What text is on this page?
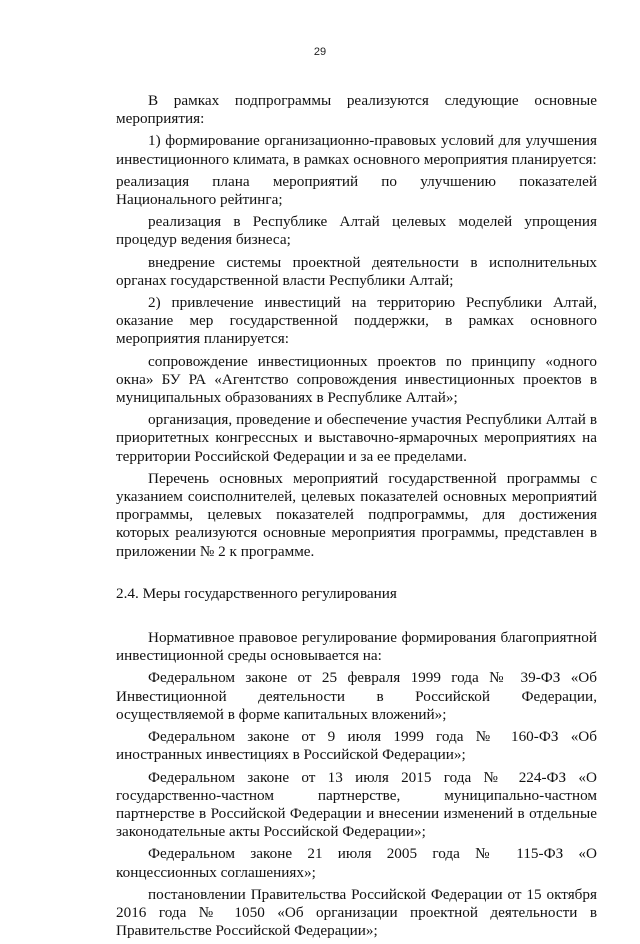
29

В рамках подпрограммы реализуются следующие основные мероприятия:

1) формирование организационно-правовых условий для улучшения инвестиционного климата, в рамках основного мероприятия планируется:

реализация плана мероприятий по улучшению показателей Национального рейтинга;

реализация в Республике Алтай целевых моделей упрощения процедур ведения бизнеса;

внедрение системы проектной деятельности в исполнительных органах государственной власти Республики Алтай;

2) привлечение инвестиций на территорию Республики Алтай, оказание мер государственной поддержки, в рамках основного мероприятия планируется:

сопровождение инвестиционных проектов по принципу «одного окна» БУ РА «Агентство сопровождения инвестиционных проектов в муниципальных образованиях в Республике Алтай»;

организация, проведение и обеспечение участия Республики Алтай в приоритетных конгрессных и выставочно-ярмарочных мероприятиях на территории Российской Федерации и за ее пределами.

Перечень основных мероприятий государственной программы с указанием соисполнителей, целевых показателей основных мероприятий программы, целевых показателей подпрограммы, для достижения которых реализуются основные мероприятия программы, представлен в приложении № 2 к программе.

2.4. Меры государственного регулирования

Нормативное правовое регулирование формирования благоприятной инвестиционной среды основывается на:

Федеральном законе от 25 февраля 1999 года № 39-ФЗ «Об Инвестиционной деятельности в Российской Федерации, осуществляемой в форме капитальных вложений»;

Федеральном законе от 9 июля 1999 года № 160-ФЗ «Об иностранных инвестициях в Российской Федерации»;

Федеральном законе от 13 июля 2015 года № 224-ФЗ «О государственно-частном партнерстве, муниципально-частном партнерстве в Российской Федерации и внесении изменений в отдельные законодательные акты Российской Федерации»;

Федеральном законе 21 июля 2005 года № 115-ФЗ «О концессионных соглашениях»;

постановлении Правительства Российской Федерации от 15 октября 2016 года № 1050 «Об организации проектной деятельности в Правительстве Российской Федерации»;
